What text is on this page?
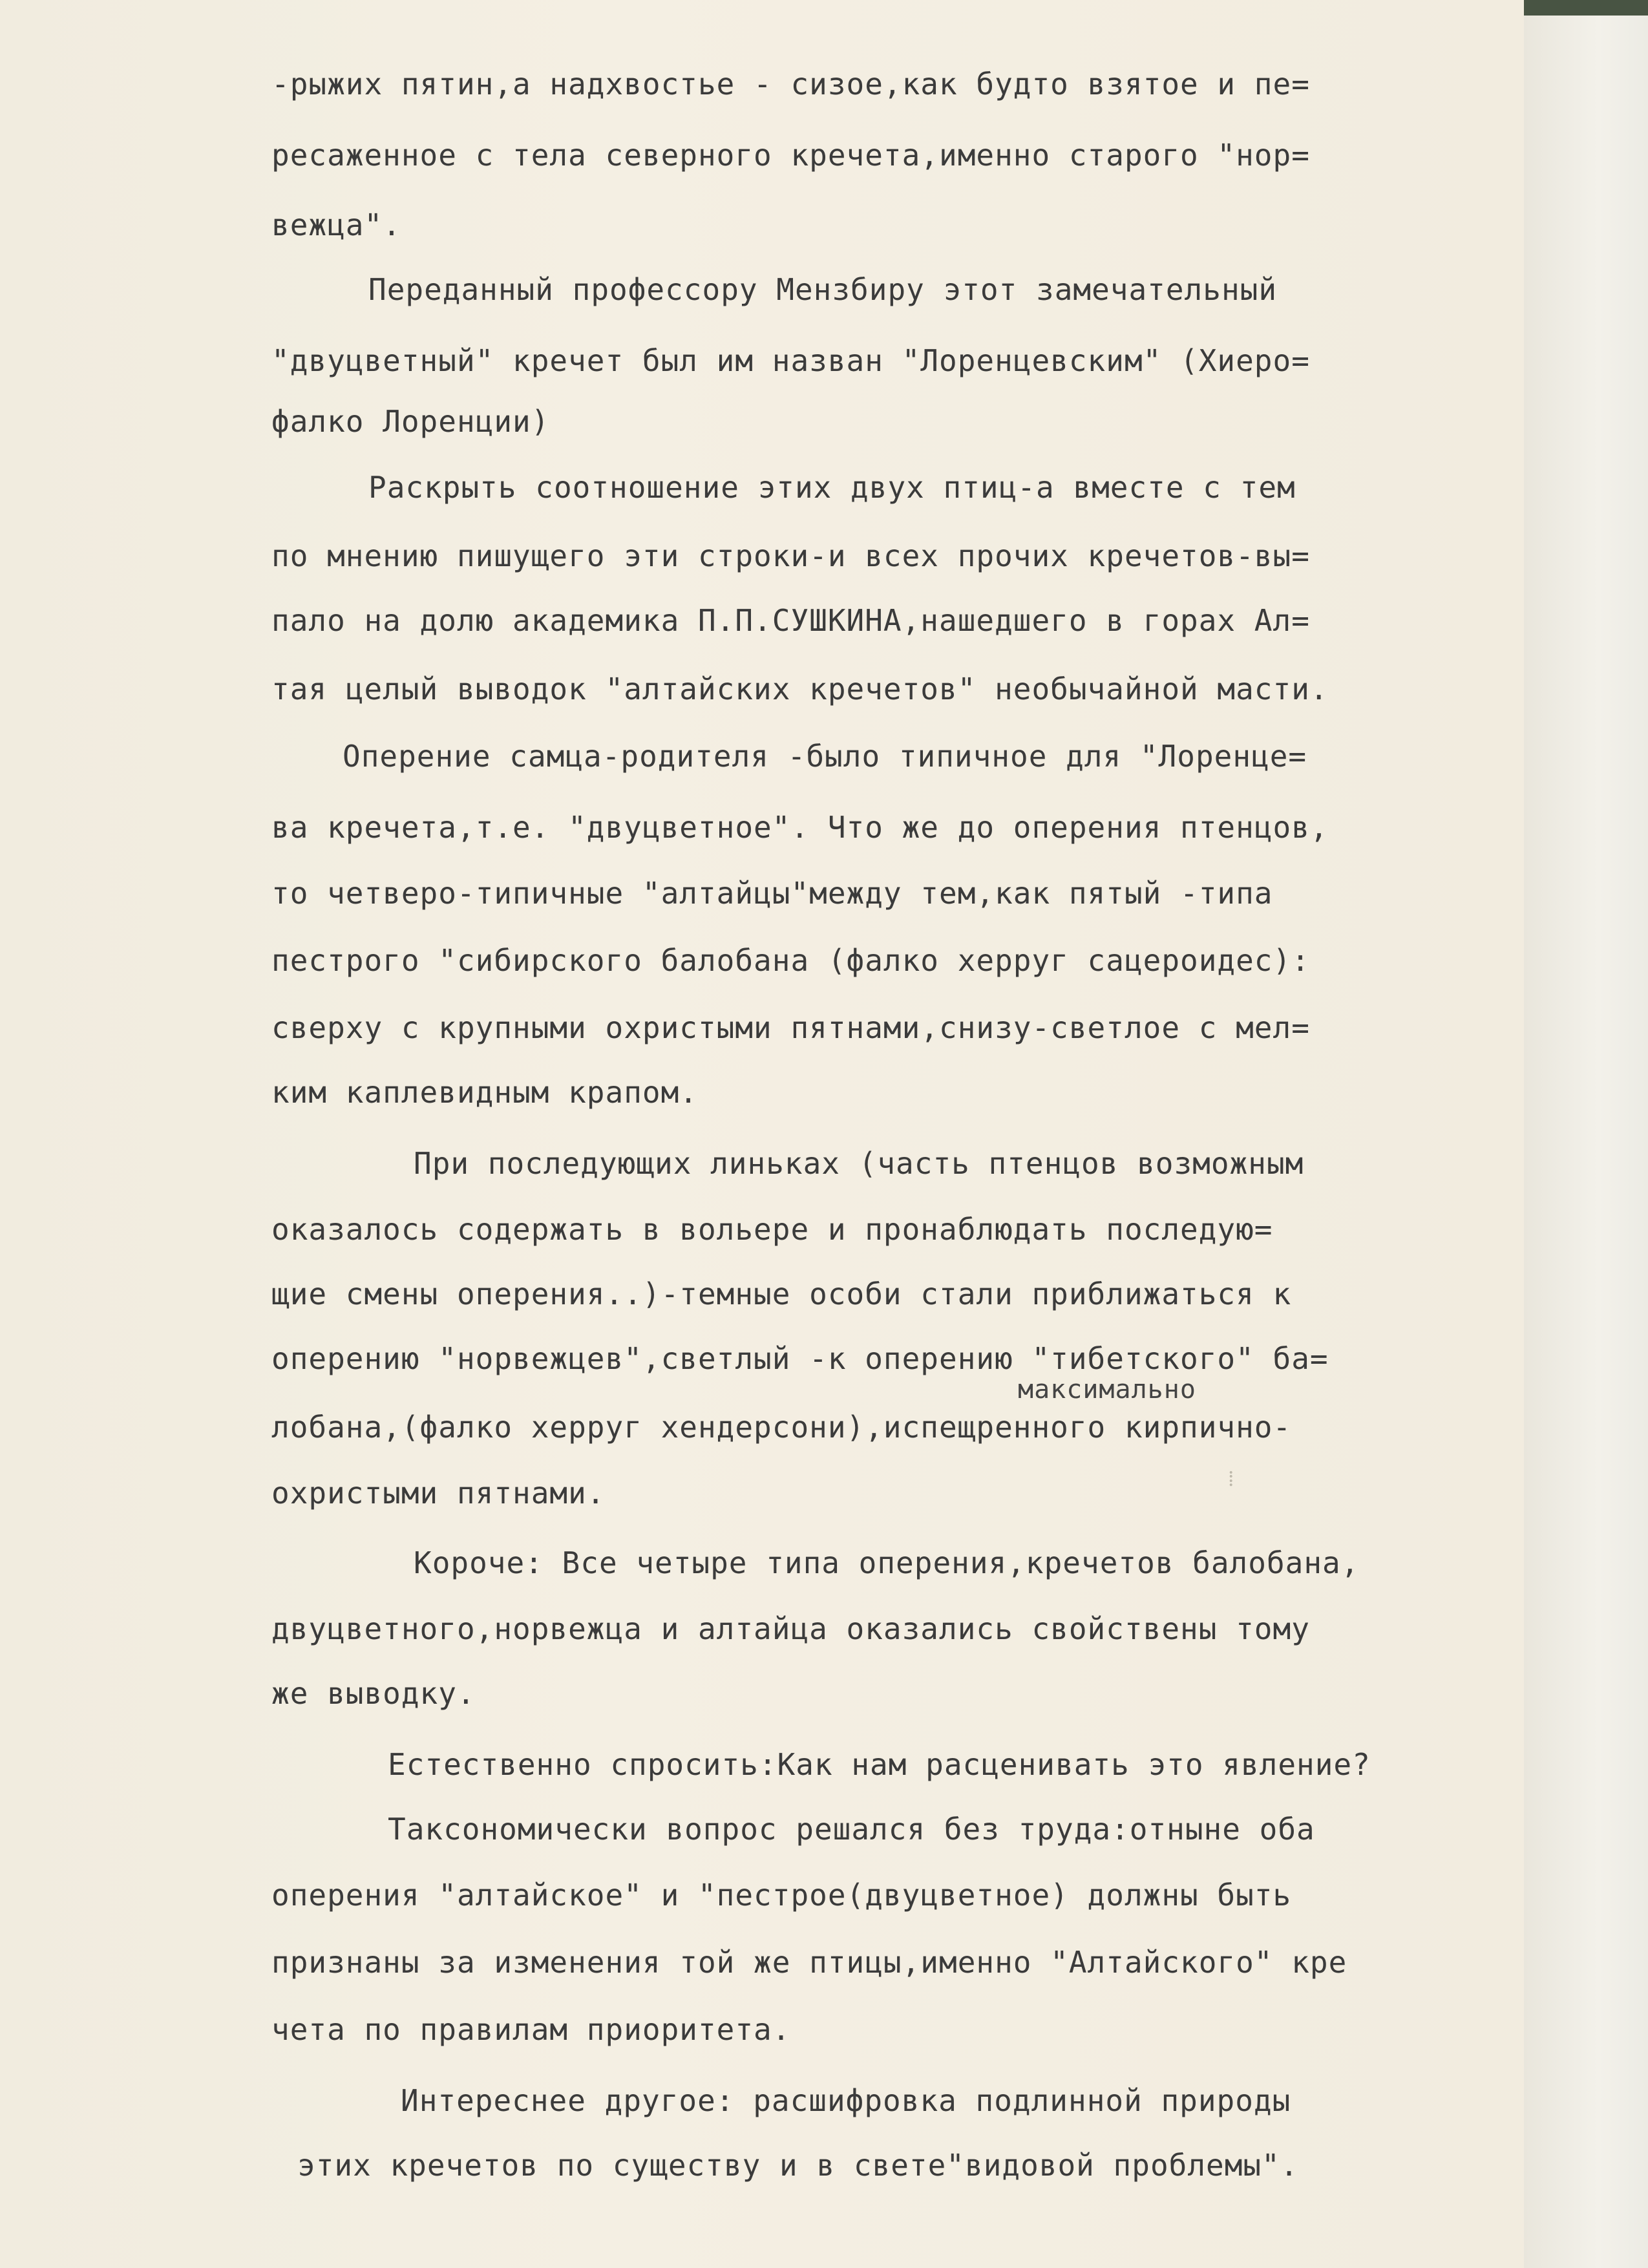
-рыжих пятин,а надхвостье - сизое,как будто взятое и пе=

ресаженное с тела северного кречета,именно старого "нор=

вежца".

Переданный профессору Мензбиру этот замечательный

"двуцветный" кречет был им назван "Лоренцевским" (Хиеро=

фалко Лоренции)

Раскрыть соотношение этих двух птиц-а вместе с тем

по мнению пишущего эти строки-и всех прочих кречетов-вы=

пало на долю академика П.П.СУШКИНА,нашедшего в горах Ал=

тая целый выводок "алтайских кречетов" необычайной масти.

Оперение самца-родителя -было типичное для "Лоренце=

ва кречета,т.е. "двуцветное". Что же до оперения птенцов,

то четверо-типичные "алтайцы"между тем,как пятый -типа

пестрого "сибирского балобана (фалко херруг сацероидес):

сверху с крупными охристыми пятнами,снизу-светлое с мел=

ким каплевидным крапом.

При последующих линьках (часть птенцов возможным

оказалось содержать в вольере и пронаблюдать последую=

щие смены оперения..)-темные особи стали приближаться к

оперению "норвежцев",светлый -к оперению "тибетского" ба=

максимально

лобана,(фалко херруг хендерсони),испещренного кирпично-

охристыми пятнами.

Короче: Все четыре типа оперения,кречетов балобана,

двуцветного,норвежца и алтайца оказались свойствены тому

же выводку.

Естественно спросить:Как нам расценивать это явление?

Таксономически вопрос решался без труда:отныне оба

оперения "алтайское" и "пестрое(двуцветное) должны быть

признаны за изменения той же птицы,именно "Алтайского" кре

чета по правилам приоритета.

Интереснее другое: расшифровка подлинной природы

этих кречетов по существу и в свете"видовой проблемы".

⁞
